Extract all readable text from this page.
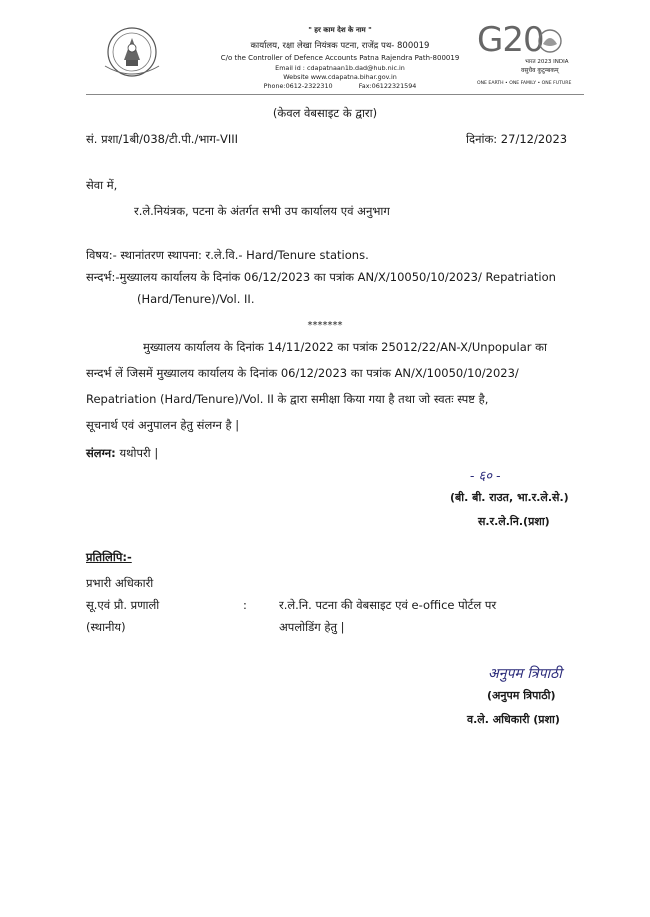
" हर काम देश के नाम "
कार्यालय, रक्षा लेखा नियंत्रक पटना, राजेंद्र पथ- 800019
C/o the Controller of Defence Accounts Patna Rajendra Path-800019
Email id : cdapatnaan1b.dad@hub.nic.in
Website www.cdapatna.bihar.gov.in
Phone:0612-2322310	Fax:06122321594
G20
भारत 2023 INDIA
वसुधैव कुटुम्बकम्
ONE EARTH • ONE FAMILY • ONE FUTURE
(केवल वेबसाइट के द्वारा)
सं. प्रशा/1बी/038/टी.पी./भाग-VIII	दिनांक: 27/12/2023
सेवा में,
र.ले.नियंत्रक, पटना के अंतर्गत सभी उप कार्यालय एवं अनुभाग
विषय:- स्थानांतरण स्थापना: र.ले.वि.- Hard/Tenure stations.
सन्दर्भ:-मुख्यालय कार्यालय के दिनांक 06/12/2023 का पत्रांक AN/X/10050/10/2023/ Repatriation
(Hard/Tenure)/Vol. II.
*******
मुख्यालय कार्यालय के दिनांक 14/11/2022 का पत्रांक 25012/22/AN-X/Unpopular का
सन्दर्भ लें जिसमें मुख्यालय कार्यालय के दिनांक 06/12/2023 का पत्रांक AN/X/10050/10/2023/
Repatriation (Hard/Tenure)/Vol. II के द्वारा समीक्षा किया गया है तथा जो स्वतः स्पष्ट है,
सूचनार्थ एवं अनुपालन हेतु संलग्न है |
संलग्न: यथोपरी |
- ६० -
(बी. बी. राउत, भा.र.ले.से.)
स.र.ले.नि.(प्रशा)
प्रतिलिपि:-
प्रभारी अधिकारी
सू.एवं प्रौ. प्रणाली
(स्थानीय)
:	र.ले.नि. पटना की वेबसाइट एवं e-office पोर्टल पर
अपलोडिंग हेतु |
अनुपम त्रिपाठी
(अनुपम त्रिपाठी)
व.ले. अधिकारी (प्रशा)
